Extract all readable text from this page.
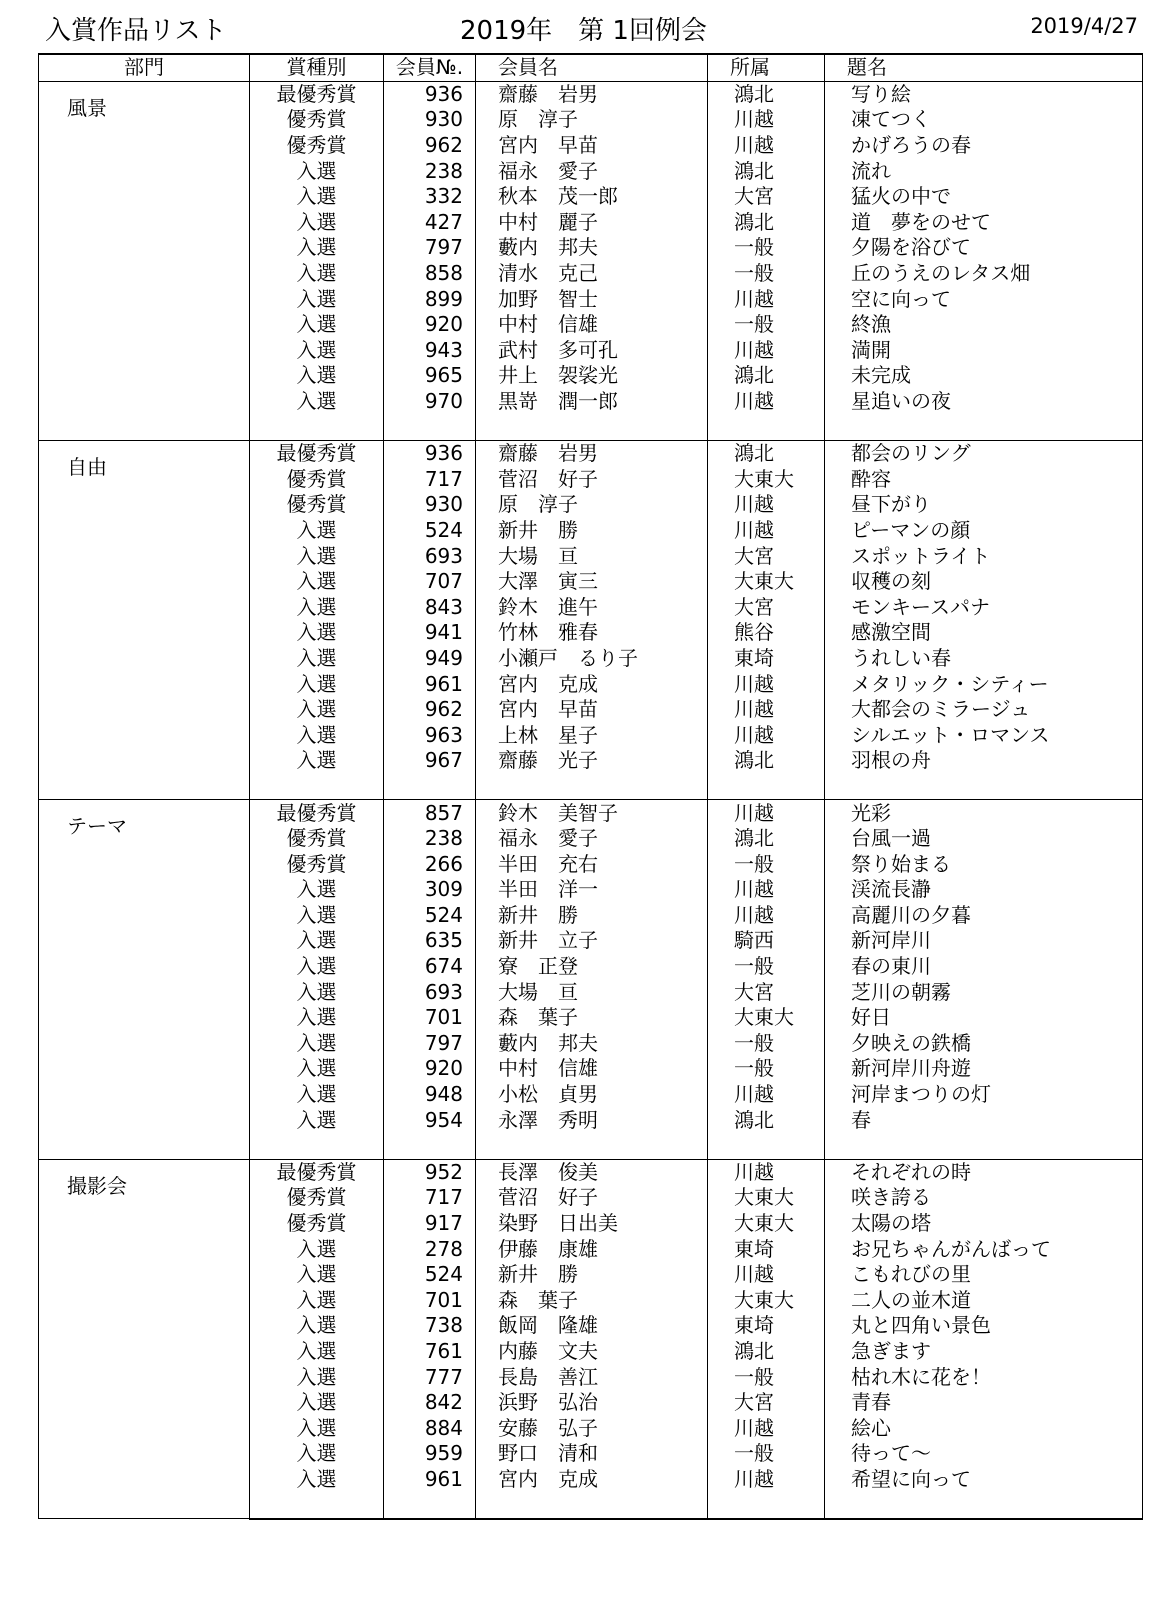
入賞作品リスト	2019年　第 1回例会	2019/4/27
部門	賞種別	会員№.	会員名	所属	題名

風景	最優秀賞	936	齋藤　岩男	鴻北	写り絵
	優秀賞	930	原　淳子	川越	凍てつく
	優秀賞	962	宮内　早苗	川越	かげろうの春
	入選	238	福永　愛子	鴻北	流れ
	入選	332	秋本　茂一郎	大宮	猛火の中で
	入選	427	中村　麗子	鴻北	道　夢をのせて
	入選	797	藪内　邦夫	一般	夕陽を浴びて
	入選	858	清水　克己	一般	丘のうえのレタス畑
	入選	899	加野　智士	川越	空に向って
	入選	920	中村　信雄	一般	終漁
	入選	943	武村　多可孔	川越	満開
	入選	965	井上　袈裟光	鴻北	未完成
	入選	970	黒嵜　潤一郎	川越	星追いの夜

自由	最優秀賞	936	齋藤　岩男	鴻北	都会のリング
	優秀賞	717	菅沼　好子	大東大	酔容
	優秀賞	930	原　淳子	川越	昼下がり
	入選	524	新井　勝	川越	ピーマンの顔
	入選	693	大場　亘	大宮	スポットライト
	入選	707	大澤　寅三	大東大	収穫の刻
	入選	843	鈴木　進午	大宮	モンキースパナ
	入選	941	竹林　雅春	熊谷	感激空間
	入選	949	小瀬戸　るり子	東埼	うれしい春
	入選	961	宮内　克成	川越	メタリック・シティー
	入選	962	宮内　早苗	川越	大都会のミラージュ
	入選	963	上林　星子	川越	シルエット・ロマンス
	入選	967	齋藤　光子	鴻北	羽根の舟

テーマ	最優秀賞	857	鈴木　美智子	川越	光彩
	優秀賞	238	福永　愛子	鴻北	台風一過
	優秀賞	266	半田　充右	一般	祭り始まる
	入選	309	半田　洋一	川越	渓流長瀞
	入選	524	新井　勝	川越	高麗川の夕暮
	入選	635	新井　立子	騎西	新河岸川
	入選	674	寮　正登	一般	春の東川
	入選	693	大場　亘	大宮	芝川の朝霧
	入選	701	森　葉子	大東大	好日
	入選	797	藪内　邦夫	一般	夕映えの鉄橋
	入選	920	中村　信雄	一般	新河岸川舟遊
	入選	948	小松　貞男	川越	河岸まつりの灯
	入選	954	永澤　秀明	鴻北	春

撮影会	最優秀賞	952	長澤　俊美	川越	それぞれの時
	優秀賞	717	菅沼　好子	大東大	咲き誇る
	優秀賞	917	染野　日出美	大東大	太陽の塔
	入選	278	伊藤　康雄	東埼	お兄ちゃんがんばって
	入選	524	新井　勝	川越	こもれびの里
	入選	701	森　葉子	大東大	二人の並木道
	入選	738	飯岡　隆雄	東埼	丸と四角い景色
	入選	761	内藤　文夫	鴻北	急ぎます
	入選	777	長島　善江	一般	枯れ木に花を！
	入選	842	浜野　弘治	大宮	青春
	入選	884	安藤　弘子	川越	絵心
	入選	959	野口　清和	一般	待って～
	入選	961	宮内　克成	川越	希望に向って
